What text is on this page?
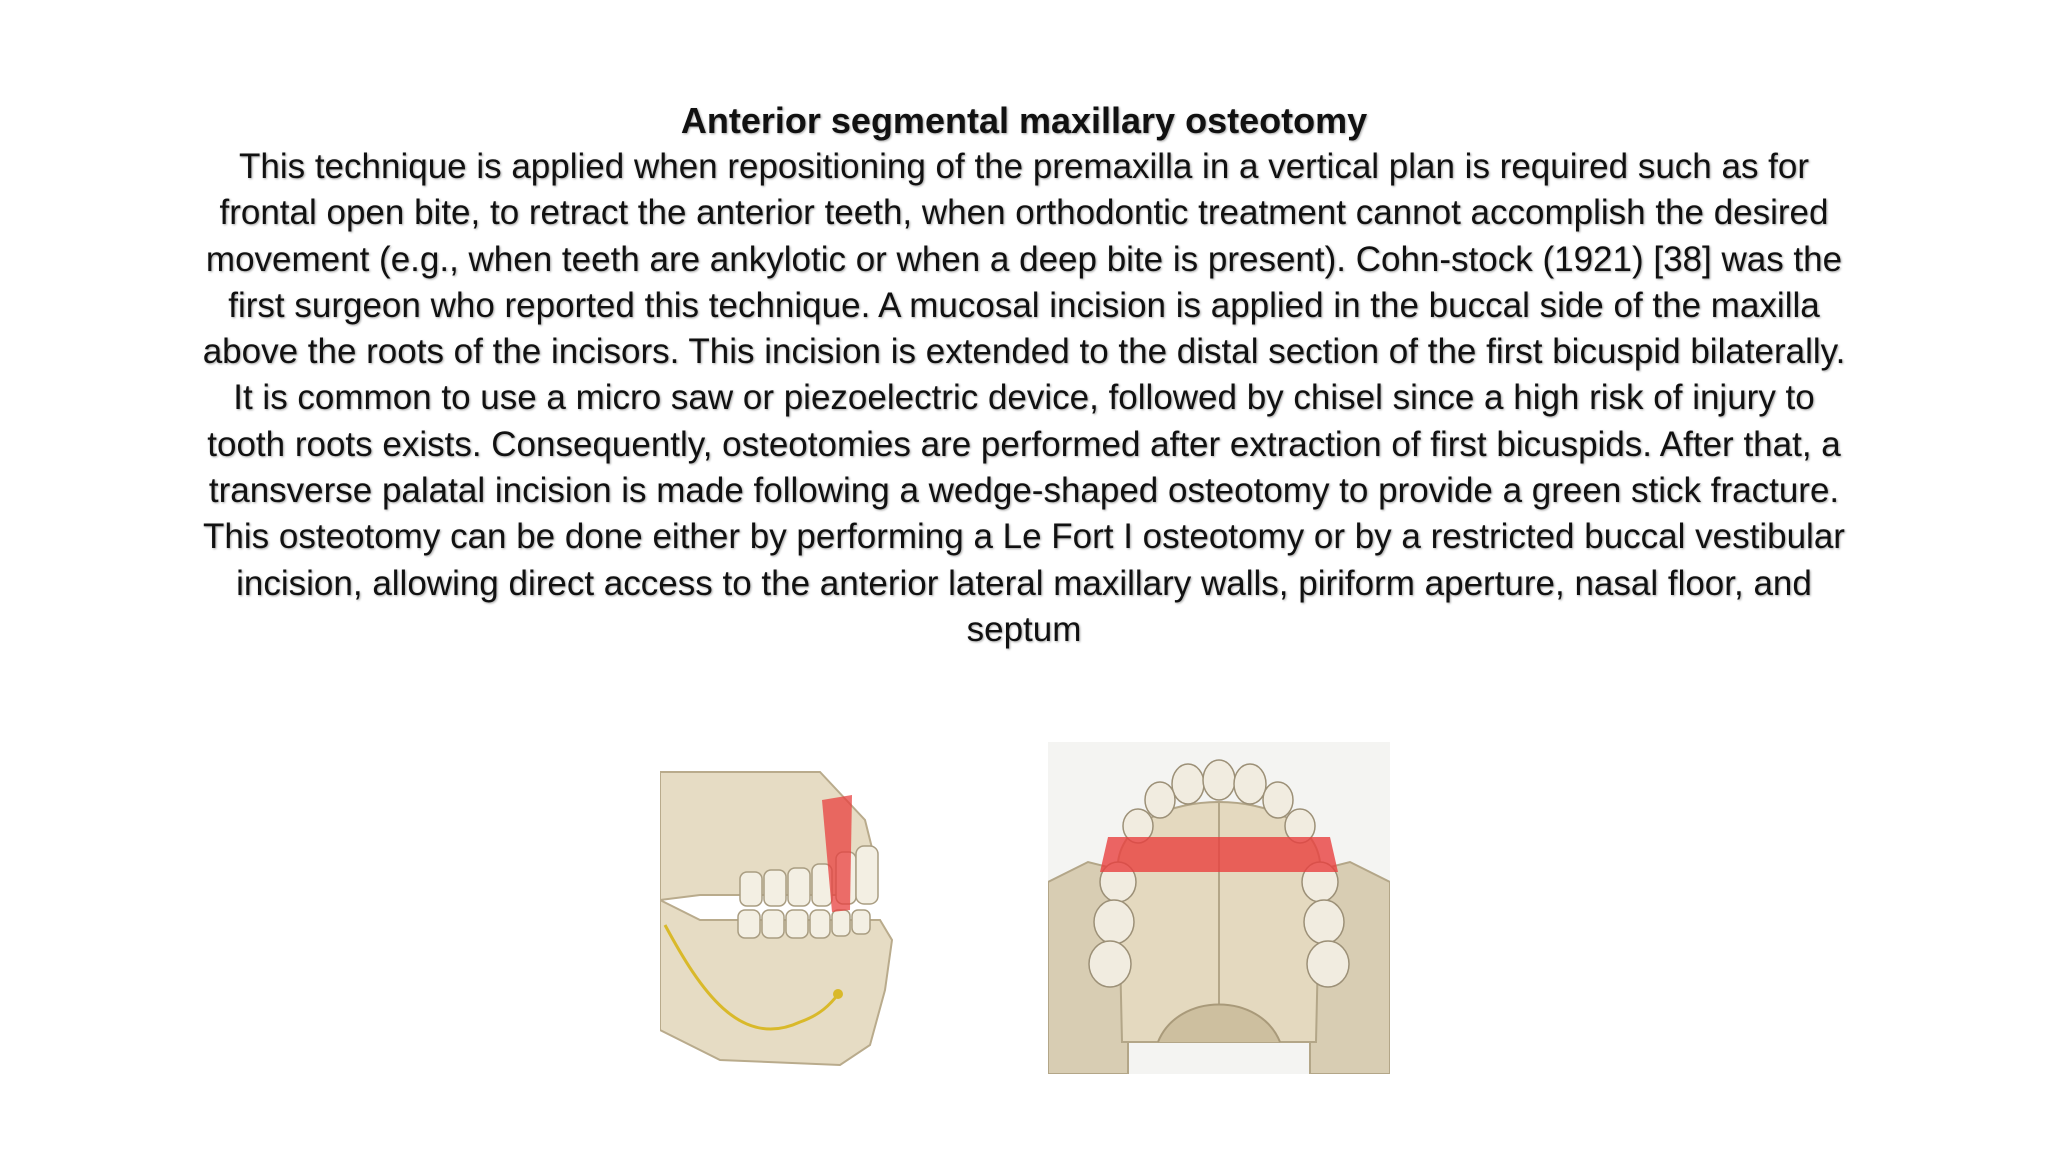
Anterior segmental maxillary osteotomy

This technique is applied when repositioning of the premaxilla in a vertical plan is required such as for frontal open bite, to retract the anterior teeth, when orthodontic treatment cannot accomplish the desired movement (e.g., when teeth are ankylotic or when a deep bite is present). Cohn-stock (1921) [38] was the first surgeon who reported this technique. A mucosal incision is applied in the buccal side of the maxilla above the roots of the incisors. This incision is extended to the distal section of the first bicuspid bilaterally. It is common to use a micro saw or piezoelectric device, followed by chisel since a high risk of injury to tooth roots exists. Consequently, osteotomies are performed after extraction of first bicuspids. After that, a transverse palatal incision is made following a wedge-shaped osteotomy to provide a green stick fracture. This osteotomy can be done either by performing a Le Fort I osteotomy or by a restricted buccal vestibular incision, allowing direct access to the anterior lateral maxillary walls, piriform aperture, nasal floor, and septum
